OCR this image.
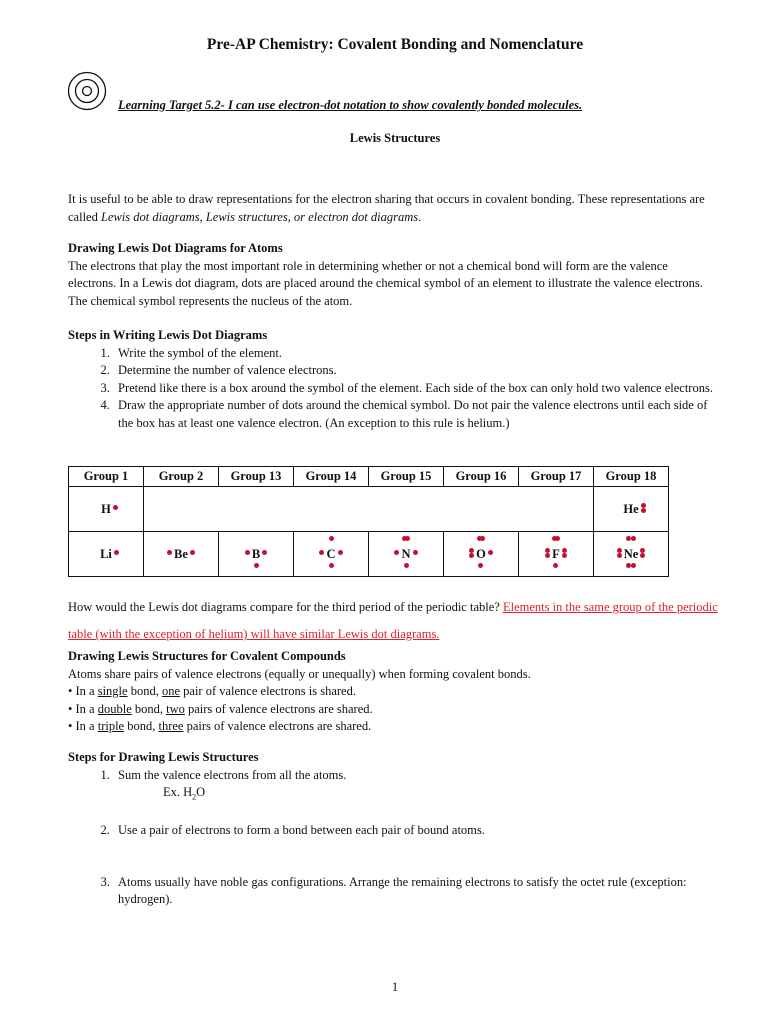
Pre-AP Chemistry: Covalent Bonding and Nomenclature
Learning Target 5.2- I can use electron-dot notation to show covalently bonded molecules.
Lewis Structures
It is useful to be able to draw representations for the electron sharing that occurs in covalent bonding. These representations are called Lewis dot diagrams, Lewis structures, or electron dot diagrams.

Drawing Lewis Dot Diagrams for Atoms

The electrons that play the most important role in determining whether or not a chemical bond will form are the valence electrons. In a Lewis dot diagram, dots are placed around the chemical symbol of an element to illustrate the valence electrons. The chemical symbol represents the nucleus of the atom.

Steps in Writing Lewis Dot Diagrams

1. Write the symbol of the element.
2. Determine the number of valence electrons.
3. Pretend like there is a box around the symbol of the element. Each side of the box can only hold two valence electrons.
4. Draw the appropriate number of dots around the chemical symbol. Do not pair the valence electrons until each side of the box has at least one valence electron. (An exception to this rule is helium.)
Group 1	Group 2	Group 13	Group 14	Group 15	Group 16	Group 17	Group 18
H							He

Li	Be	B	C	N	O	F	Ne
How would the Lewis dot diagrams compare for the third period of the periodic table? Elements in the same group of the periodic table (with the exception of helium) will have similar Lewis dot diagrams.

Drawing Lewis Structures for Covalent Compounds

Atoms share pairs of valence electrons (equally or unequally) when forming covalent bonds.

• In a single bond, one pair of valence electrons is shared.

• In a double bond, two pairs of valence electrons are shared.

• In a triple bond, three pairs of valence electrons are shared.

Steps for Drawing Lewis Structures

1. Sum the valence electrons from all the atoms.
Ex. $H_2O$
2. Use a pair of electrons to form a bond between each pair of bound atoms.
3. Atoms usually have noble gas configurations. Arrange the remaining electrons to satisfy the octet rule (exception: hydrogen).
1
